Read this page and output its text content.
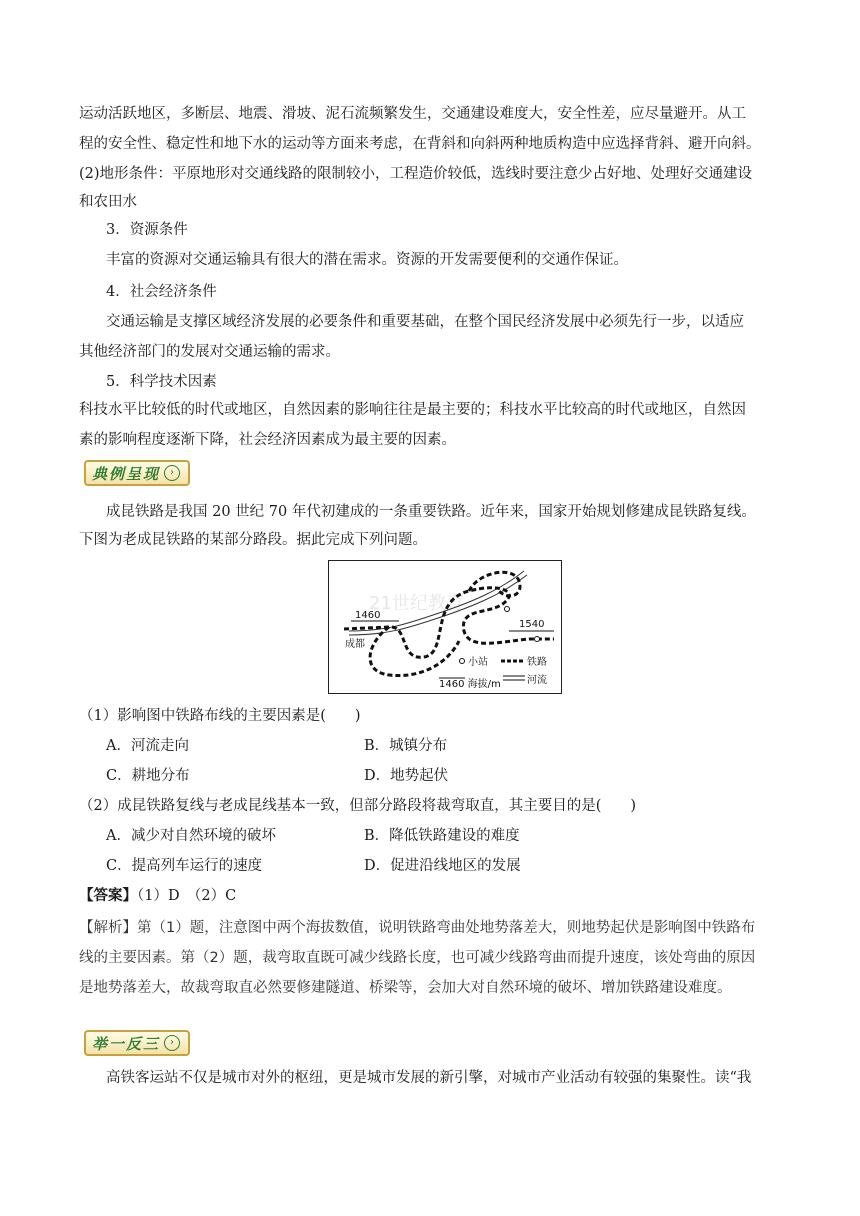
运动活跃地区，多断层、地震、滑坡、泥石流频繁发生，交通建设难度大，安全性差，应尽量避开。从工
程的安全性、稳定性和地下水的运动等方面来考虑，在背斜和向斜两种地质构造中应选择背斜、避开向斜。
(2)地形条件：平原地形对交通线路的限制较小，工程造价较低，选线时要注意少占好地、处理好交通建设
和农田水
3．资源条件
丰富的资源对交通运输具有很大的潜在需求。资源的开发需要便利的交通作保证。
4．社会经济条件
交通运输是支撑区域经济发展的必要条件和重要基础，在整个国民经济发展中必须先行一步，以适应
其他经济部门的发展对交通运输的需求。
5．科学技术因素
科技水平比较低的时代或地区，自然因素的影响往往是最主要的；科技水平比较高的时代或地区，自然因
素的影响程度逐渐下降，社会经济因素成为最主要的因素。
典例呈现	›
成昆铁路是我国 20 世纪 70 年代初建成的一条重要铁路。近年来，国家开始规划修建成昆铁路复线。
下图为老成昆铁路的某部分路段。据此完成下列问题。
21世纪教育
1460
1540
成都
小站	铁路
1460 海拔/m	河流
（1）影响图中铁路布线的主要因素是(　　)
A．河流走向	B．城镇分布
C．耕地分布	D．地势起伏
（2）成昆铁路复线与老成昆线基本一致，但部分路段将裁弯取直，其主要目的是(　　)
A．减少对自然环境的破坏	B．降低铁路建设的难度
C．提高列车运行的速度	D．促进沿线地区的发展
【答案】（1）D　（2）C
【解析】第（1）题，注意图中两个海拔数值，说明铁路弯曲处地势落差大，则地势起伏是影响图中铁路布
线的主要因素。第（2）题，裁弯取直既可减少线路长度，也可减少线路弯曲而提升速度，该处弯曲的原因
是地势落差大，故裁弯取直必然要修建隧道、桥梁等，会加大对自然环境的破坏、增加铁路建设难度。
举一反三	›
高铁客运站不仅是城市对外的枢纽，更是城市发展的新引擎，对城市产业活动有较强的集聚性。读“我
